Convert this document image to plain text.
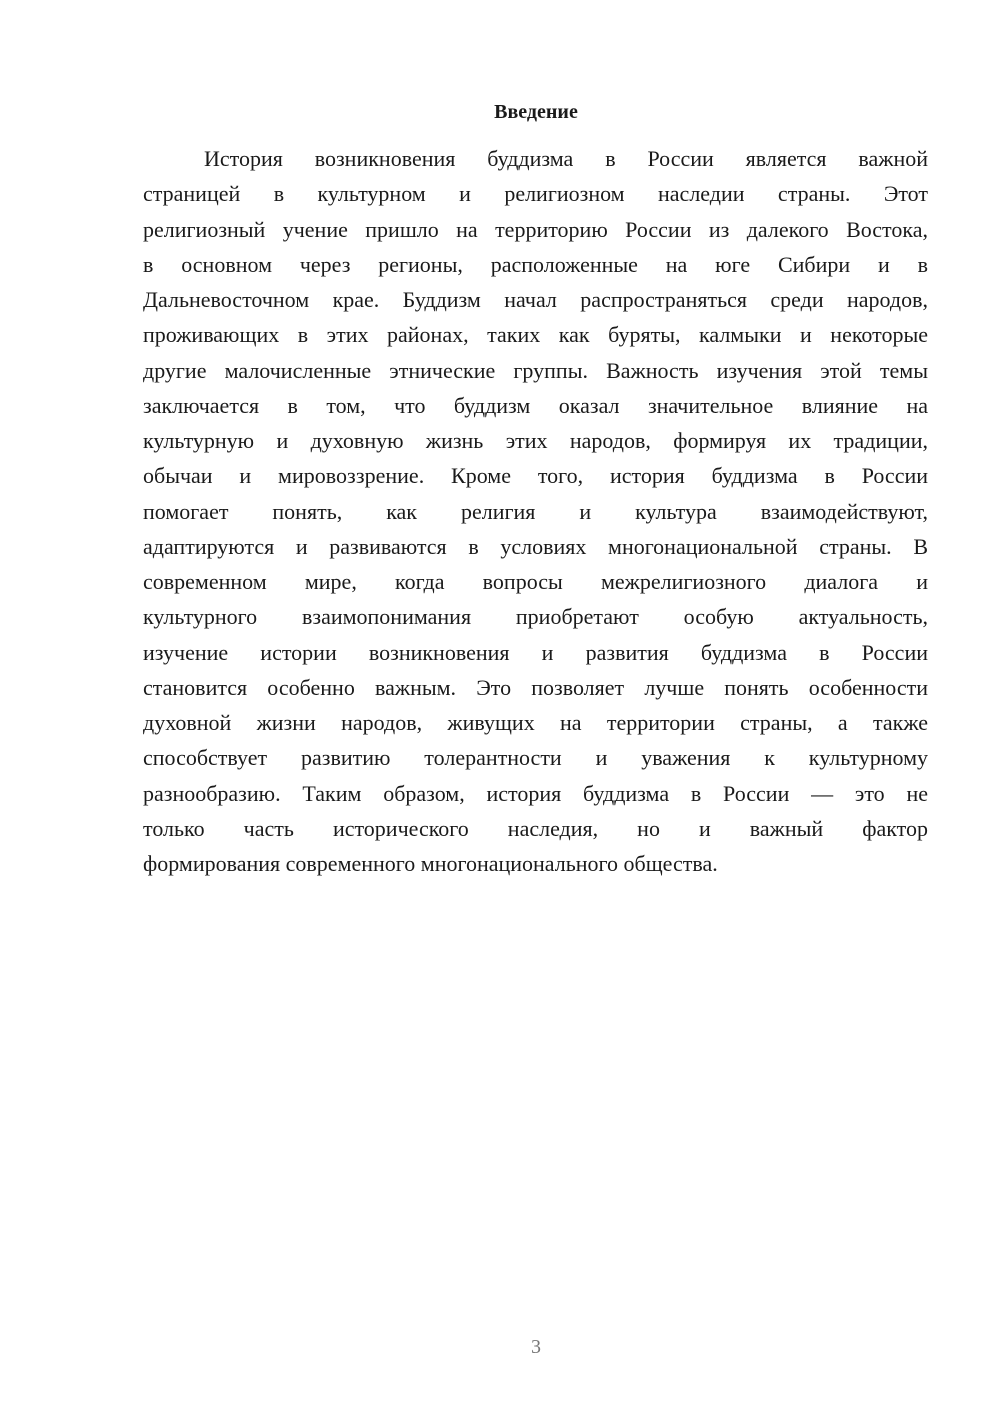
Введение
История возникновения буддизма в России является важной
страницей в культурном и религиозном наследии страны. Этот
религиозный учение пришло на территорию России из далекого Востока,
в основном через регионы, расположенные на юге Сибири и в
Дальневосточном крае. Буддизм начал распространяться среди народов,
проживающих в этих районах, таких как буряты, калмыки и некоторые
другие малочисленные этнические группы. Важность изучения этой темы
заключается в том, что буддизм оказал значительное влияние на
культурную и духовную жизнь этих народов, формируя их традиции,
обычаи и мировоззрение. Кроме того, история буддизма в России
помогает понять, как религия и культура взаимодействуют,
адаптируются и развиваются в условиях многонациональной страны. В
современном мире, когда вопросы межрелигиозного диалога и
культурного взаимопонимания приобретают особую актуальность,
изучение истории возникновения и развития буддизма в России
становится особенно важным. Это позволяет лучше понять особенности
духовной жизни народов, живущих на территории страны, а также
способствует развитию толерантности и уважения к культурному
разнообразию. Таким образом, история буддизма в России — это не
только часть исторического наследия, но и важный фактор
формирования современного многонационального общества.
3
